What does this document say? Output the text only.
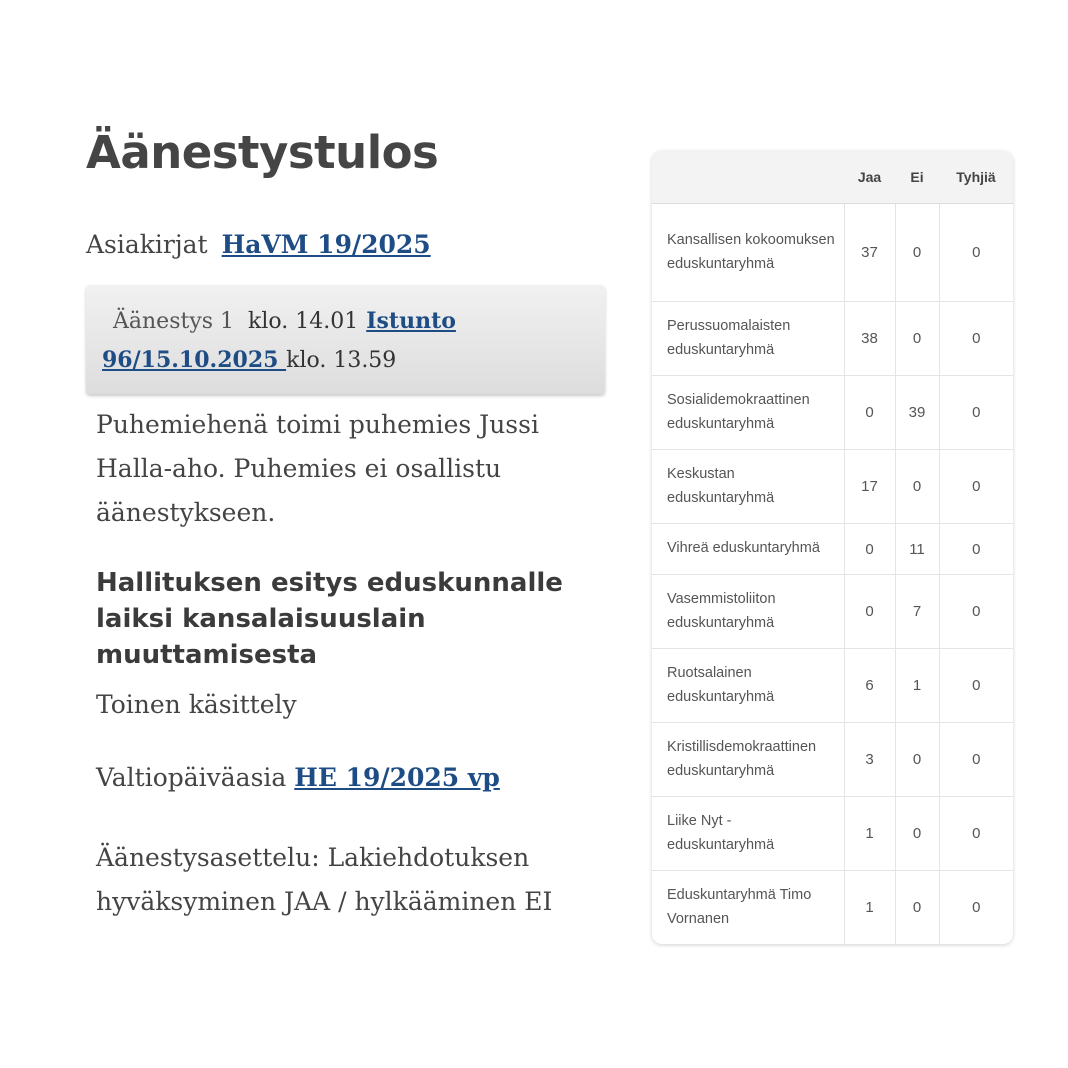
Äänestystulos
Asiakirjat HaVM 19/2025
Äänestys 1 klo. 14.01 Istunto
96/15.10.2025 klo. 13.59

Puhemiehenä toimi puhemies Jussi Halla-aho. Puhemies ei osallistu äänestykseen.

Hallituksen esitys eduskunnalle laiksi kansalaisuuslain muuttamisesta
Toinen käsittely
Valtiopäiväasia HE 19/2025 vp

Äänestysasettelu: Lakiehdotuksen hyväksyminen JAA / hylkääminen EI

	Jaa	Ei	Tyhjiä
Kansallisen kokoomuksen eduskuntaryhmä	37	0	0
Perussuomalaisten eduskuntaryhmä	38	0	0
Sosialidemokraattinen eduskuntaryhmä	0	39	0
Keskustan eduskuntaryhmä	17	0	0
Vihreä eduskuntaryhmä	0	11	0
Vasemmistoliiton eduskuntaryhmä	0	7	0
Ruotsalainen eduskuntaryhmä	6	1	0
Kristillisdemokraattinen eduskuntaryhmä	3	0	0
Liike Nyt -eduskuntaryhmä	1	0	0
Eduskuntaryhmä Timo Vornanen	1	0	0
